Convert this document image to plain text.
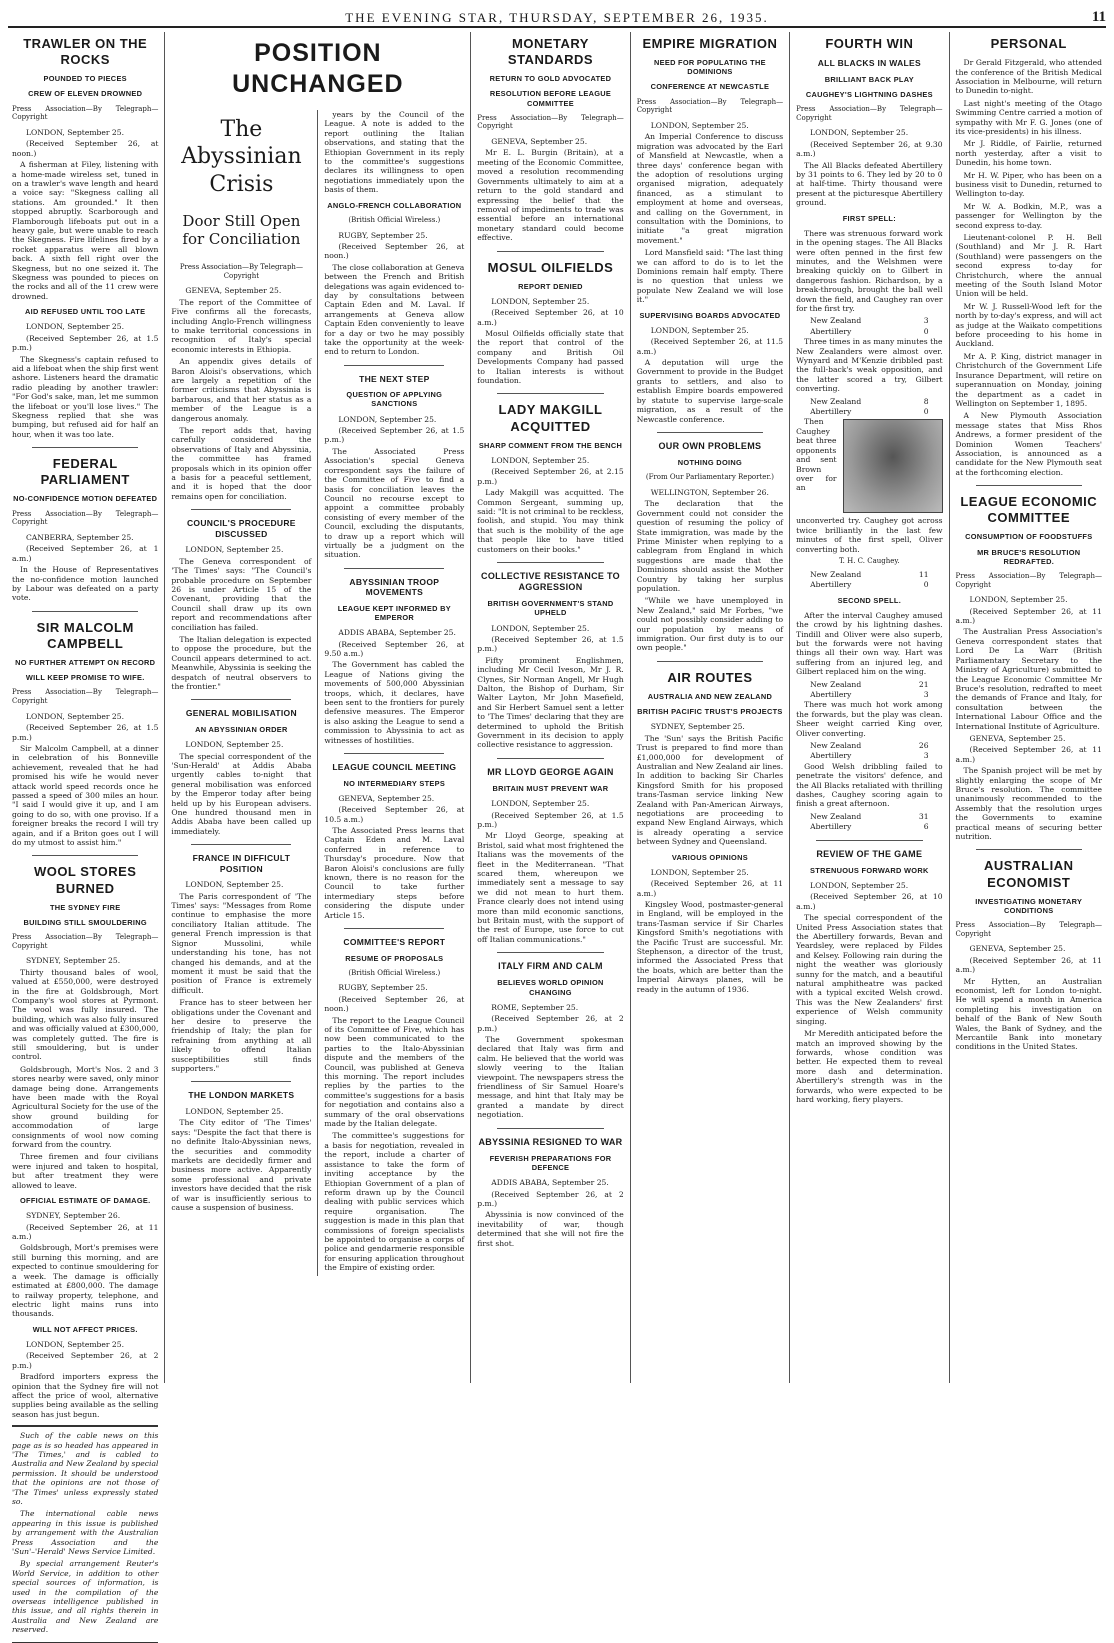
THE EVENING STAR, THURSDAY, SEPTEMBER 26, 1935.	11
TRAWLER ON THE ROCKS
POUNDED TO PIECES
CREW OF ELEVEN DROWNED
Press Association—By Telegraph—Copyright
LONDON, September 25.
(Received September 26, at noon.)

A fisherman at Filey, listening with a home-made wireless set, tuned in on a trawler's wave length and heard a voice say: "Skegness calling all stations. Am grounded." It then stopped abruptly. Scarborough and Flamborough lifeboats put out in a heavy gale, but were unable to reach the Skegness. Fire lifelines fired by a rocket apparatus were all blown back. A sixth fell right over the Skegness, but no one seized it. The Skegness was pounded to pieces on the rocks and all of the 11 crew were drowned.

AID REFUSED UNTIL TOO LATE
LONDON, September 25.
(Received September 26, at 1.5 p.m.)

The Skegness's captain refused to aid a lifeboat when the ship first went ashore. Listeners heard the dramatic radio pleading by another trawler: "For God's sake, man, let me summon the lifeboat or you'll lose lives." The Skegness replied that she was bumping, but refused aid for half an hour, when it was too late.

FEDERAL PARLIAMENT
NO-CONFIDENCE MOTION DEFEATED
Press Association—By Telegraph—Copyright
CANBERRA, September 25.
(Received September 26, at 1 a.m.)

In the House of Representatives the no-confidence motion launched by Labour was defeated on a party vote.

SIR MALCOLM CAMPBELL
NO FURTHER ATTEMPT ON RECORD
WILL KEEP PROMISE TO WIFE.
Press Association—By Telegraph—Copyright
LONDON, September 25.
(Received September 26, at 1.5 p.m.)

Sir Malcolm Campbell, at a dinner in celebration of his Bonneville achievement, revealed that he had promised his wife he would never attack world speed records once he passed a speed of 300 miles an hour. "I said I would give it up, and I am going to do so, with one proviso. If a foreigner breaks the record I will try again, and if a Briton goes out I will do my utmost to assist him."

WOOL STORES BURNED
THE SYDNEY FIRE
BUILDING STILL SMOULDERING
Press Association—By Telegraph—Copyright
SYDNEY, September 25.

Thirty thousand bales of wool, valued at £550,000, were destroyed in the fire at Goldsbrough, Mort Company's wool stores at Pyrmont. The wool was fully insured. The building, which was also fully insured and was officially valued at £300,000, was completely gutted. The fire is still smouldering, but is under control.

Goldsbrough, Mort's Nos. 2 and 3 stores nearby were saved, only minor damage being done. Arrangements have been made with the Royal Agricultural Society for the use of the show ground building for accommodation of large consignments of wool now coming forward from the country.

Three firemen and four civilians were injured and taken to hospital, but after treatment they were allowed to leave.

OFFICIAL ESTIMATE OF DAMAGE.
SYDNEY, September 26.
(Received September 26, at 11 a.m.)

Goldsbrough, Mort's premises were still burning this morning, and are expected to continue smouldering for a week. The damage is officially estimated at £800,000. The damage to railway property, telephone, and electric light mains runs into thousands.

WILL NOT AFFECT PRICES.
LONDON, September 25.
(Received September 26, at 2 p.m.)

Bradford importers express the opinion that the Sydney fire will not affect the price of wool, alternative supplies being available as the selling season has just begun.

Such of the cable news on this page as is so headed has appeared in 'The Times,' and is cabled to Australia and New Zealand by special permission. It should be understood that the opinions are not those of 'The Times' unless expressly stated so.

The international cable news appearing in this issue is published by arrangement with the Australian Press Association and the 'Sun'–'Herald' News Service Limited.

By special arrangement Reuter's World Service, in addition to other special sources of information, is used in the compilation of the overseas intelligence published in this issue, and all rights therein in Australia and New Zealand are reserved.

POSITION UNCHANGED
The Abyssinian Crisis
Door Still Open for Conciliation
Press Association—By Telegraph—Copyright
GENEVA, September 25.

The report of the Committee of Five confirms all the forecasts, including Anglo-French willingness to make territorial concessions in recognition of Italy's special economic interests in Ethiopia.

An appendix gives details of Baron Aloisi's observations, which are largely a repetition of the former criticisms that Abyssinia is barbarous, and that her status as a member of the League is a dangerous anomaly.

The report adds that, having carefully considered the observations of Italy and Abyssinia, the committee has framed proposals which in its opinion offer a basis for a peaceful settlement, and it is hoped that the door remains open for conciliation.

COUNCIL'S PROCEDURE DISCUSSED
LONDON, September 25.

The Geneva correspondent of 'The Times' says: "The Council's probable procedure on September 26 is under Article 15 of the Covenant, providing that the Council shall draw up its own report and recommendations after conciliation has failed.

The Italian delegation is expected to oppose the procedure, but the Council appears determined to act. Meanwhile, Abyssinia is seeking the despatch of neutral observers to the frontier."

GENERAL MOBILISATION
AN ABYSSINIAN ORDER
LONDON, September 25.

The special correspondent of the 'Sun-Herald' at Addis Ababa urgently cables to-night that general mobilisation was enforced by the Emperor today after being held up by his European advisers. One hundred thousand men in Addis Ababa have been called up immediately.

FRANCE IN DIFFICULT POSITION
LONDON, September 25.

The Paris correspondent of 'The Times' says: "Messages from Rome continue to emphasise the more conciliatory Italian attitude. The general French impression is that Signor Mussolini, while understanding his tone, has not changed his demands, and at the moment it must be said that the position of France is extremely difficult.

France has to steer between her obligations under the Covenant and her desire to preserve the friendship of Italy; the plan for refraining from anything at all likely to offend Italian susceptibilities still finds supporters."

THE LONDON MARKETS
LONDON, September 25.

The City editor of 'The Times' says: "Despite the fact that there is no definite Italo-Abyssinian news, the securities and commodity markets are decidedly firmer and business more active. Apparently some professional and private investors have decided that the risk of war is insufficiently serious to cause a suspension of business.

years by the Council of the League. A note is added to the report outlining the Italian observations, and stating that the Ethiopian Government in its reply to the committee's suggestions declares its willingness to open negotiations immediately upon the basis of them.

ANGLO-FRENCH COLLABORATION
(British Official Wireless.)
RUGBY, September 25.
(Received September 26, at noon.)

The close collaboration at Geneva between the French and British delegations was again evidenced to-day by consultations between Captain Eden and M. Laval. If arrangements at Geneva allow Captain Eden conveniently to leave for a day or two he may possibly take the opportunity at the week-end to return to London.

THE NEXT STEP
QUESTION OF APPLYING SANCTIONS
LONDON, September 25.
(Received September 26, at 1.5 p.m.)

The Associated Press Association's special Geneva correspondent says the failure of the Committee of Five to find a basis for conciliation leaves the Council no recourse except to appoint a committee probably consisting of every member of the Council, excluding the disputants, to draw up a report which will virtually be a judgment on the situation.

ABYSSINIAN TROOP MOVEMENTS
LEAGUE KEPT INFORMED BY EMPEROR
ADDIS ABABA, September 25.
(Received September 26, at 9.50 a.m.)

The Government has cabled the League of Nations giving the movements of 500,000 Abyssinian troops, which, it declares, have been sent to the frontiers for purely defensive measures. The Emperor is also asking the League to send a commission to Abyssinia to act as witnesses of hostilities.

LEAGUE COUNCIL MEETING
NO INTERMEDIARY STEPS
GENEVA, September 25.
(Received September 26, at 10.5 a.m.)

The Associated Press learns that Captain Eden and M. Laval conferred in reference to Thursday's procedure. Now that Baron Aloisi's conclusions are fully known, there is no reason for the Council to take further intermediary steps before considering the dispute under Article 15.

COMMITTEE'S REPORT
RESUME OF PROPOSALS
(British Official Wireless.)
RUGBY, September 25.
(Received September 26, at noon.)

The report to the League Council of its Committee of Five, which has now been communicated to the parties to the Italo-Abyssinian dispute and the members of the Council, was published at Geneva this morning. The report includes replies by the parties to the committee's suggestions for a basis for negotiation and contains also a summary of the oral observations made by the Italian delegate.

The committee's suggestions for a basis for negotiation, revealed in the report, include a charter of assistance to take the form of inviting acceptance by the Ethiopian Government of a plan of reform drawn up by the Council dealing with public services which require organisation. The suggestion is made in this plan that commissions of foreign specialists be appointed to organise a corps of police and gendarmerie responsible for ensuring application throughout the Empire of existing order.

MONETARY STANDARDS
RETURN TO GOLD ADVOCATED
RESOLUTION BEFORE LEAGUE COMMITTEE
Press Association—By Telegraph—Copyright
GENEVA, September 25.

Mr E. L. Burgin (Britain), at a meeting of the Economic Committee, moved a resolution recommending Governments ultimately to aim at a return to the gold standard and expressing the belief that the removal of impediments to trade was essential before an international monetary standard could become effective.

MOSUL OILFIELDS
REPORT DENIED
LONDON, September 25.
(Received September 26, at 10 a.m.)

Mosul Oilfields officially state that the report that control of the company and British Oil Developments Company had passed to Italian interests is without foundation.

LADY MAKGILL ACQUITTED
SHARP COMMENT FROM THE BENCH
LONDON, September 25.
(Received September 26, at 2.15 p.m.)

Lady Makgill was acquitted. The Common Sergeant, summing up, said: "It is not criminal to be reckless, foolish, and stupid. You may think that such is the mobility of the age that people like to have titled customers on their books."

COLLECTIVE RESISTANCE TO AGGRESSION
BRITISH GOVERNMENT'S STAND UPHELD
LONDON, September 25.
(Received September 26, at 1.5 p.m.)

Fifty prominent Englishmen, including Mr Cecil Iveson, Mr J. R. Clynes, Sir Norman Angell, Mr Hugh Dalton, the Bishop of Durham, Sir Walter Layton, Mr John Masefield, and Sir Herbert Samuel sent a letter to 'The Times' declaring that they are determined to uphold the British Government in its decision to apply collective resistance to aggression.

MR LLOYD GEORGE AGAIN
BRITAIN MUST PREVENT WAR
LONDON, September 25.
(Received September 26, at 1.5 p.m.)

Mr Lloyd George, speaking at Bristol, said what most frightened the Italians was the movements of the fleet in the Mediterranean. "That scared them, whereupon we immediately sent a message to say we did not mean to hurt them. France clearly does not intend using more than mild economic sanctions, but Britain must, with the support of the rest of Europe, use force to cut off Italian communications."

ITALY FIRM AND CALM
BELIEVES WORLD OPINION CHANGING
ROME, September 25.
(Received September 26, at 2 p.m.)

The Government spokesman declared that Italy was firm and calm. He believed that the world was slowly veering to the Italian viewpoint. The newspapers stress the friendliness of Sir Samuel Hoare's message, and hint that Italy may be granted a mandate by direct negotiation.

ABYSSINIA RESIGNED TO WAR
FEVERISH PREPARATIONS FOR DEFENCE
ADDIS ABABA, September 25.
(Received September 26, at 2 p.m.)

Abyssinia is now convinced of the inevitability of war, though determined that she will not fire the first shot.

EMPIRE MIGRATION
NEED FOR POPULATING THE DOMINIONS
CONFERENCE AT NEWCASTLE
Press Association—By Telegraph—Copyright
LONDON, September 25.

An Imperial Conference to discuss migration was advocated by the Earl of Mansfield at Newcastle, when a three days' conference began with the adoption of resolutions urging organised migration, adequately financed, as a stimulant to employment at home and overseas, and calling on the Government, in consultation with the Dominions, to initiate "a great migration movement."

Lord Mansfield said: "The last thing we can afford to do is to let the Dominions remain half empty. There is no question that unless we populate New Zealand we will lose it."

SUPERVISING BOARDS ADVOCATED
LONDON, September 25.
(Received September 26, at 11.5 a.m.)

A deputation will urge the Government to provide in the Budget grants to settlers, and also to establish Empire boards empowered by statute to supervise large-scale migration, as a result of the Newcastle conference.

OUR OWN PROBLEMS
NOTHING DOING
(From Our Parliamentary Reporter.)
WELLINGTON, September 26.

The declaration that the Government could not consider the question of resuming the policy of State immigration, was made by the Prime Minister when replying to a cablegram from England in which suggestions are made that the Dominions should assist the Mother Country by taking her surplus population.

"While we have unemployed in New Zealand," said Mr Forbes, "we could not possibly consider adding to our population by means of immigration. Our first duty is to our own people."

AIR ROUTES
AUSTRALIA AND NEW ZEALAND
BRITISH PACIFIC TRUST'S PROJECTS
SYDNEY, September 25.

The 'Sun' says the British Pacific Trust is prepared to find more than £1,000,000 for development of Australian and New Zealand air lines. In addition to backing Sir Charles Kingsford Smith for his proposed trans-Tasman service linking New Zealand with Pan-American Airways, negotiations are proceeding to expand New England Airways, which is already operating a service between Sydney and Queensland.

VARIOUS OPINIONS
LONDON, September 25.
(Received September 26, at 11 a.m.)

Kingsley Wood, postmaster-general in England, will be employed in the trans-Tasman service if Sir Charles Kingsford Smith's negotiations with the Pacific Trust are successful. Mr. Stephenson, a director of the trust, informed the Associated Press that the boats, which are better than the Imperial Airways planes, will be ready in the autumn of 1936.

FOURTH WIN
ALL BLACKS IN WALES
BRILLIANT BACK PLAY
CAUGHEY'S LIGHTNING DASHES
Press Association—By Telegraph—Copyright
LONDON, September 25.
(Received September 26, at 9.30 a.m.)

The All Blacks defeated Abertillery by 31 points to 6. They led by 20 to 0 at half-time. Thirty thousand were present at the picturesque Abertillery ground.

FIRST SPELL:

There was strenuous forward work in the opening stages. The All Blacks were often penned in the first few minutes, and the Welshmen were breaking quickly on to Gilbert in dangerous fashion. Richardson, by a break-through, brought the ball well down the field, and Caughey ran over for the first try.

New Zealand	3
Abertillery	0

Three times in as many minutes the New Zealanders were almost over. Wynyard and M'Kenzie dribbled past the full-back's weak opposition, and the latter scored a try, Gilbert converting.

New Zealand	8
Abertillery	0

Then Caughey beat three opponents and sent Brown over for an unconverted try. Caughey got across twice brilliantly in the last few minutes of the first spell, Oliver converting both.

T. H. C. Caughey.
New Zealand	11
Abertillery	0
SECOND SPELL.

After the interval Caughey amused the crowd by his lightning dashes. Tindill and Oliver were also superb, but the forwards were not having things all their own way. Hart was suffering from an injured leg, and Gilbert replaced him on the wing.

New Zealand	21
Abertillery	3

There was much hot work among the forwards, but the play was clean. Sheer weight carried King over, Oliver converting.

New Zealand	26
Abertillery	3

Good Welsh dribbling failed to penetrate the visitors' defence, and the All Blacks retaliated with thrilling dashes, Caughey scoring again to finish a great afternoon.

New Zealand	31
Abertillery	6
REVIEW OF THE GAME
STRENUOUS FORWARD WORK
LONDON, September 25.
(Received September 26, at 10 a.m.)

The special correspondent of the United Press Association states that the Abertillery forwards, Bevan and Yeardsley, were replaced by Fildes and Kelsey. Following rain during the night the weather was gloriously sunny for the match, and a beautiful natural amphitheatre was packed with a typical excited Welsh crowd. This was the New Zealanders' first experience of Welsh community singing.

Mr Meredith anticipated before the match an improved showing by the forwards, whose condition was better. He expected them to reveal more dash and determination. Abertillery's strength was in the forwards, who were expected to be hard working, fiery players.

PERSONAL

Dr Gerald Fitzgerald, who attended the conference of the British Medical Association in Melbourne, will return to Dunedin to-night.

Last night's meeting of the Otago Swimming Centre carried a motion of sympathy with Mr F. G. Jones (one of its vice-presidents) in his illness.

Mr J. Riddle, of Fairlie, returned north yesterday, after a visit to Dunedin, his home town.

Mr H. W. Piper, who has been on a business visit to Dunedin, returned to Wellington to-day.

Mr W. A. Bodkin, M.P., was a passenger for Wellington by the second express to-day.

Lieutenant-colonel P. H. Bell (Southland) and Mr J. R. Hart (Southland) were passengers on the second express to-day for Christchurch, where the annual meeting of the South Island Motor Union will be held.

Mr W. J. Russell-Wood left for the north by to-day's express, and will act as judge at the Waikato competitions before proceeding to his home in Auckland.

Mr A. P. King, district manager in Christchurch of the Government Life Insurance Department, will retire on superannuation on Monday, joining the department as a cadet in Wellington on September 1, 1895.

A New Plymouth Association message states that Miss Rhos Andrews, a former president of the Dominion Women Teachers' Association, is announced as a candidate for the New Plymouth seat at the forthcoming election.

LEAGUE ECONOMIC COMMITTEE
CONSUMPTION OF FOODSTUFFS
MR BRUCE'S RESOLUTION REDRAFTED.
Press Association—By Telegraph—Copyright
LONDON, September 25.
(Received September 26, at 11 a.m.)

The Australian Press Association's Geneva correspondent states that Lord De La Warr (British Parliamentary Secretary to the Ministry of Agriculture) submitted to the League Economic Committee Mr Bruce's resolution, redrafted to meet the demands of France and Italy, for consultation between the International Labour Office and the International Institute of Agriculture.

GENEVA, September 25.
(Received September 26, at 11 a.m.)

The Spanish project will be met by slightly enlarging the scope of Mr Bruce's resolution. The committee unanimously recommended to the Assembly that the resolution urges the Governments to examine practical means of securing better nutrition.

AUSTRALIAN ECONOMIST
INVESTIGATING MONETARY CONDITIONS
Press Association—By Telegraph—Copyright
GENEVA, September 25.
(Received September 26, at 11 a.m.)

Mr Hytten, an Australian economist, left for London to-night. He will spend a month in America completing his investigation on behalf of the Bank of New South Wales, the Bank of Sydney, and the Mercantile Bank into monetary conditions in the United States.
